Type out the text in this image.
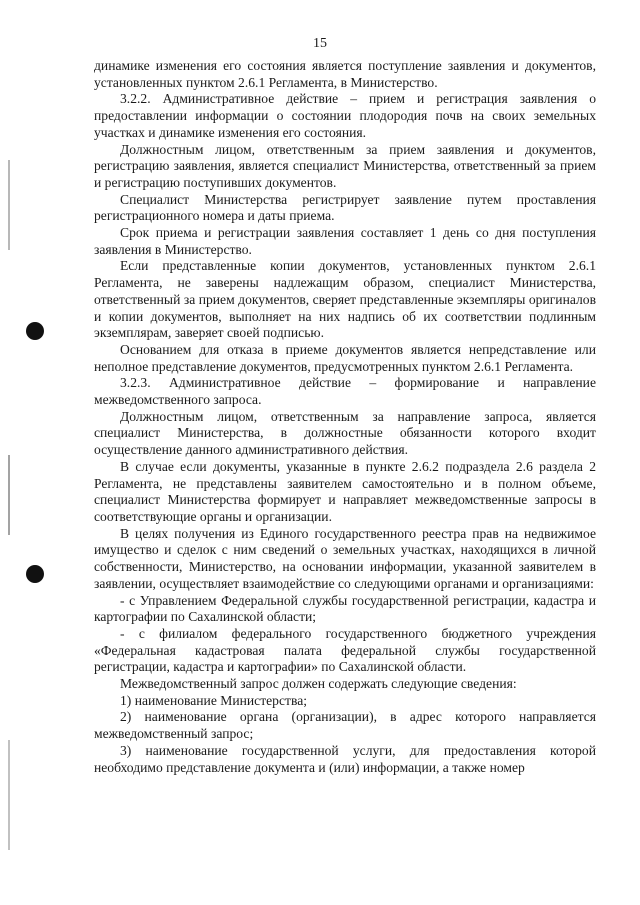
15

динамике изменения его состояния является поступление заявления и документов, установленных пунктом 2.6.1 Регламента, в Министерство.

3.2.2. Административное действие – прием и регистрация заявления о предоставлении информации о состоянии плодородия почв на своих земельных участках и динамике изменения его состояния.

Должностным лицом, ответственным за прием заявления и документов, регистрацию заявления, является специалист Министерства, ответственный за прием и регистрацию поступивших документов.

Специалист Министерства регистрирует заявление путем проставления регистрационного номера и даты приема.

Срок приема и регистрации заявления составляет 1 день со дня поступления заявления в Министерство.

Если представленные копии документов, установленных пунктом 2.6.1 Регламента, не заверены надлежащим образом, специалист Министерства, ответственный за прием документов, сверяет представленные экземпляры оригиналов и копии документов, выполняет на них надпись об их соответствии подлинным экземплярам, заверяет своей подписью.

Основанием для отказа в приеме документов является непредставление или неполное представление документов, предусмотренных пунктом 2.6.1 Регламента.

3.2.3. Административное действие – формирование и направление межведомственного запроса.

Должностным лицом, ответственным за направление запроса, является специалист Министерства, в должностные обязанности которого входит осуществление данного административного действия.

В случае если документы, указанные в пункте 2.6.2 подраздела 2.6 раздела 2 Регламента, не представлены заявителем самостоятельно и в полном объеме, специалист Министерства формирует и направляет межведомственные запросы в соответствующие органы и организации.

В целях получения из Единого государственного реестра прав на недвижимое имущество и сделок с ним сведений о земельных участках, находящихся в личной собственности, Министерство, на основании информации, указанной заявителем в заявлении, осуществляет взаимодействие со следующими органами и организациями:

- с Управлением Федеральной службы государственной регистрации, кадастра и картографии по Сахалинской области;

- с филиалом федерального государственного бюджетного учреждения «Федеральная кадастровая палата федеральной службы государственной регистрации, кадастра и картографии» по Сахалинской области.

Межведомственный запрос должен содержать следующие сведения:

1) наименование Министерства;

2) наименование органа (организации), в адрес которого направляется межведомственный запрос;

3) наименование государственной услуги, для предоставления которой необходимо представление документа и (или) информации, а также номер
